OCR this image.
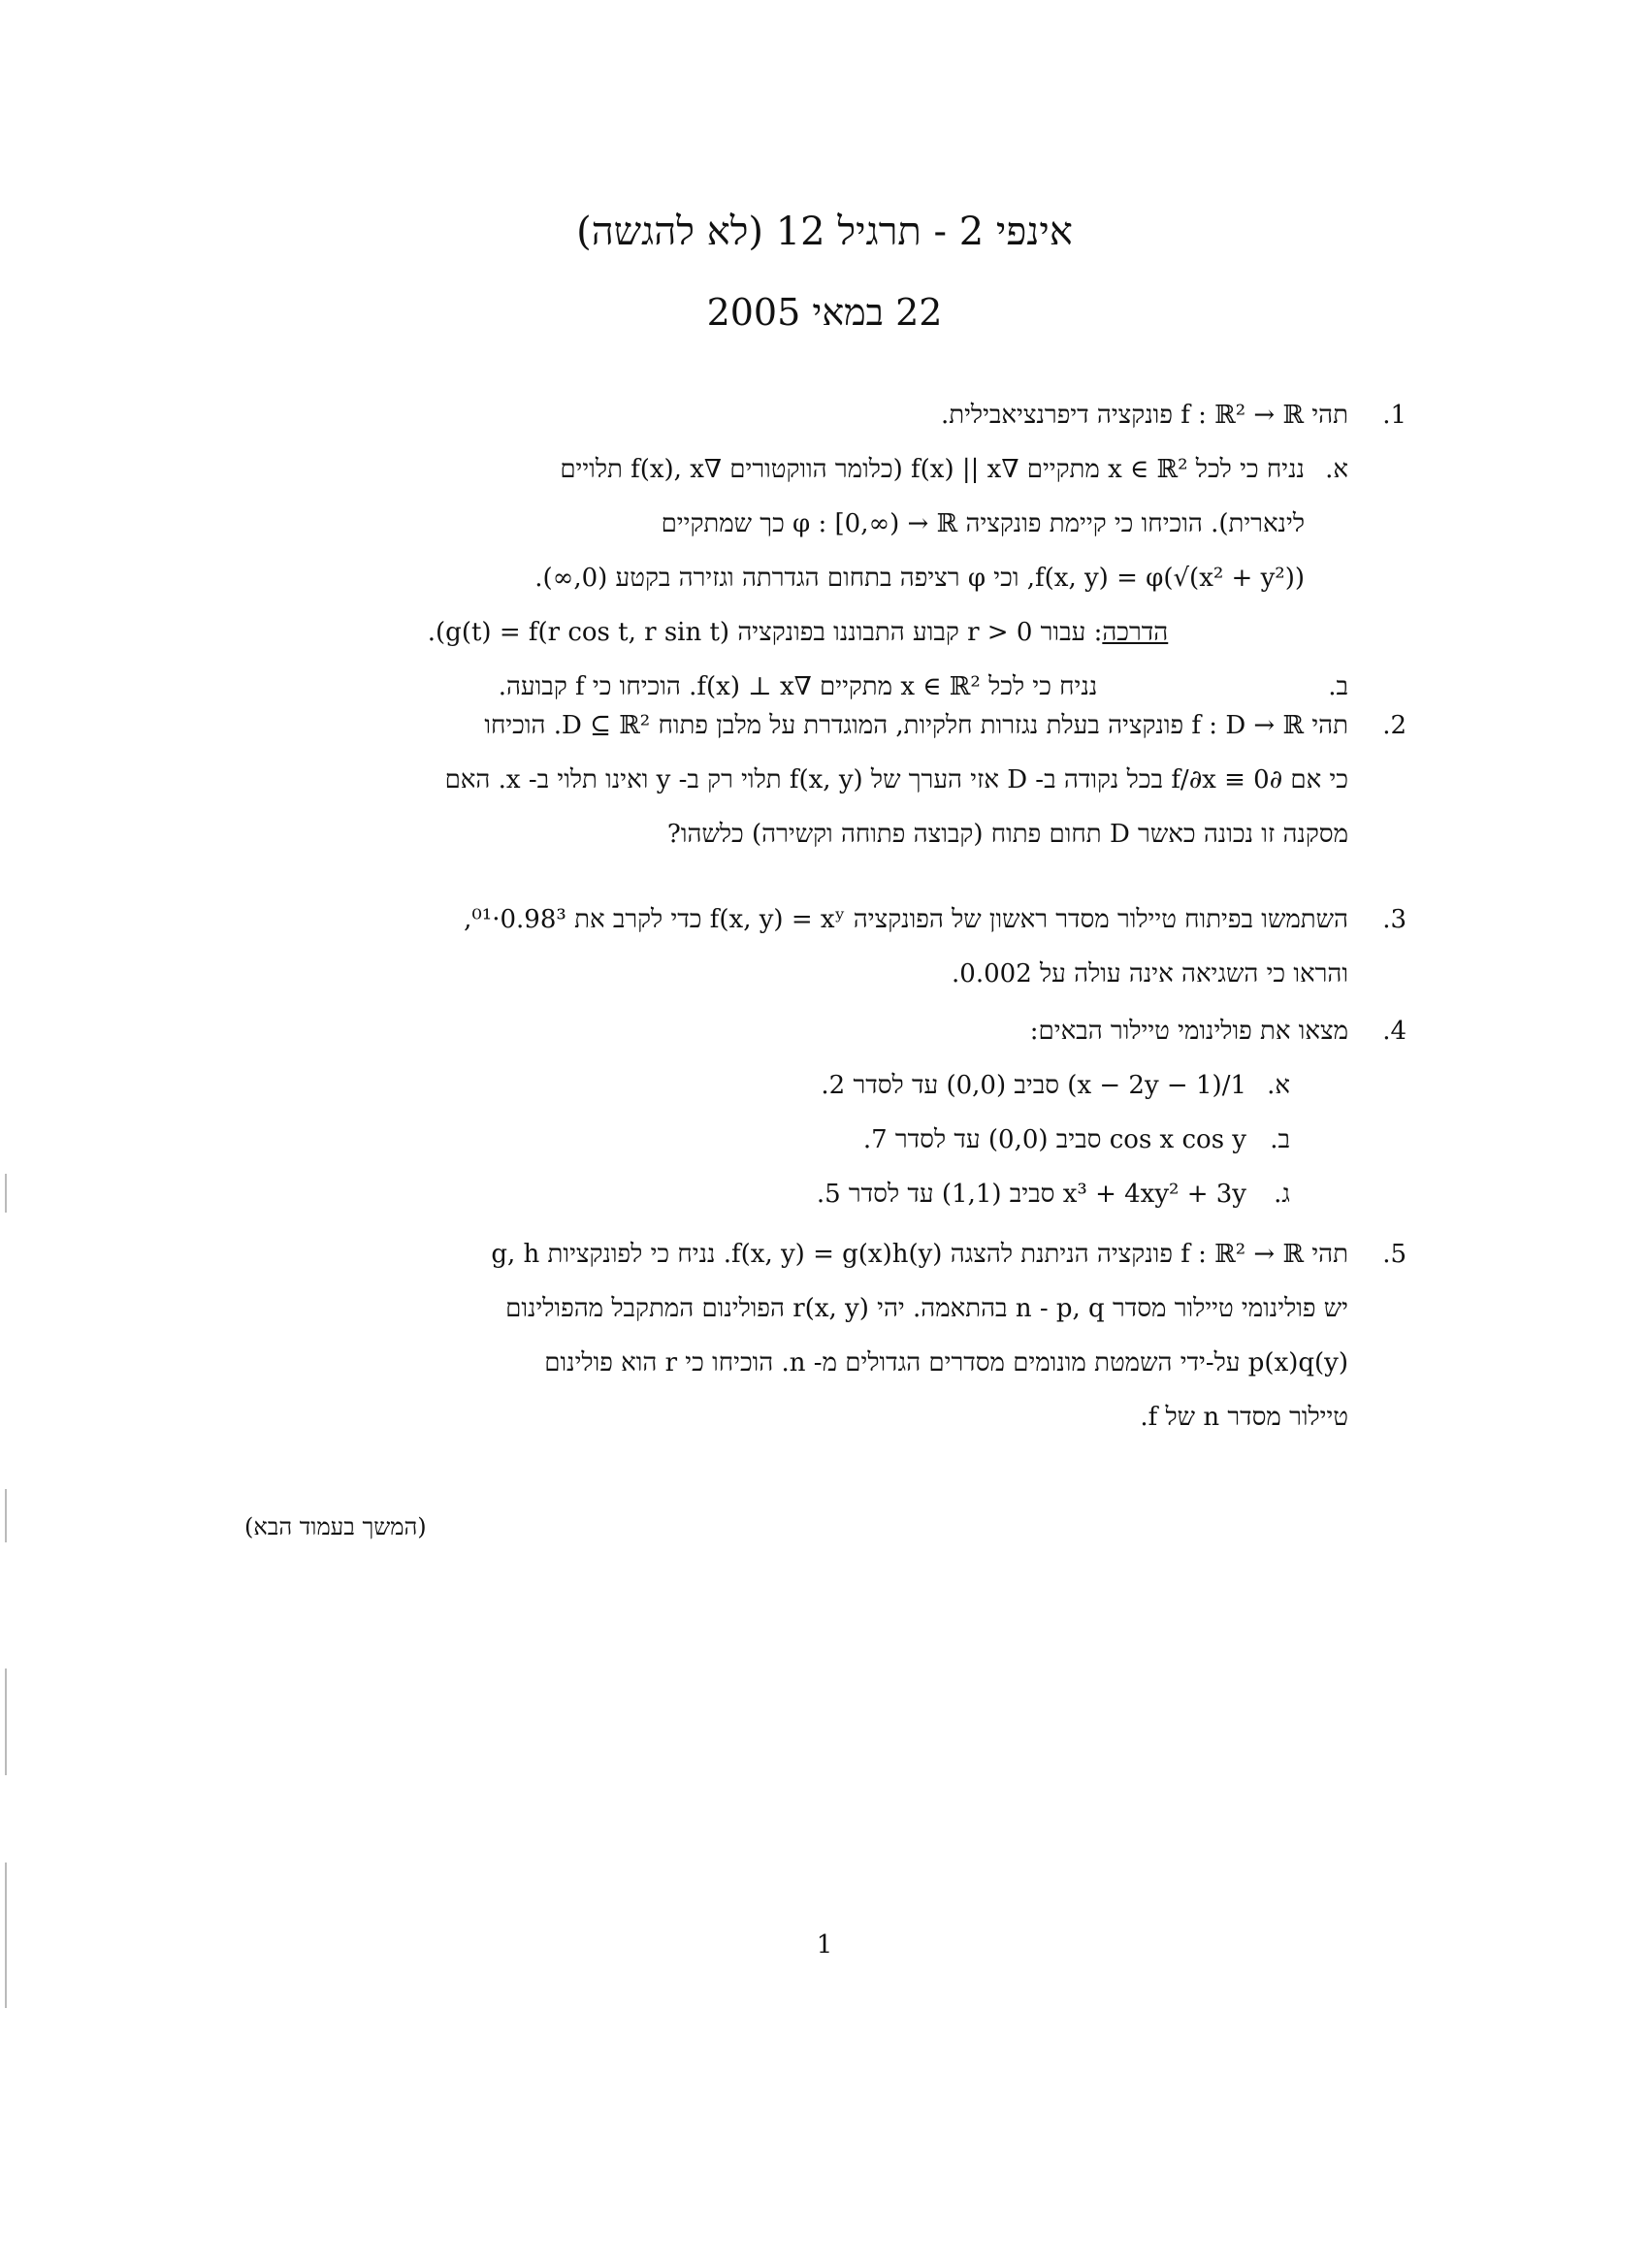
אינפי 2 - תרגיל 12 (לא להגשה)
22 במאי 2005
1.
תהי f : ℝ² → ℝ פונקציה דיפרנציאבילית.
א.
נניח כי לכל x ∈ ℝ² מתקיים ∇f(x) || x (כלומר הווקטורים ∇f(x), x תלויים
לינארית). הוכיחו כי קיימת פונקציה φ : [0,∞) → ℝ כך שמתקיים
f(x, y) = φ(√(x² + y²)), וכי φ רציפה בתחום הגדרתה וגזירה בקטע (0,∞).
הדרכה: עבור r > 0 קבוע התבוננו בפונקציה g(t) = f(r cos t, r sin t)).
ב.
נניח כי לכל x ∈ ℝ² מתקיים ∇f(x) ⊥ x. הוכיחו כי f קבועה.
2.
תהי f : D → ℝ פונקציה בעלת נגזרות חלקיות, המוגדרת על מלבן פתוח D ⊆ ℝ². הוכיחו
כי אם ∂f/∂x ≡ 0 בכל נקודה ב- D אזי הערך של f(x, y) תלוי רק ב- y ואינו תלוי ב- x. האם
מסקנה זו נכונה כאשר D תחום פתוח (קבוצה פתוחה וקשירה) כלשהו?
3.
השתמשו בפיתוח טיילור מסדר ראשון של הפונקציה f(x, y) = xʸ כדי לקרב את 0.98³·⁰¹,
והראו כי השגיאה אינה עולה על 0.002.
4.
מצאו את פולינומי טיילור הבאים:
א.
1/(1 − x − 2y) סביב (0,0) עד לסדר 2.
ב.
cos x cos y סביב (0,0) עד לסדר 7.
ג.
x³ + 4xy² + 3y סביב (1,1) עד לסדר 5.
5.
תהי f : ℝ² → ℝ פונקציה הניתנת להצגה f(x, y) = g(x)h(y). נניח כי לפונקציות g, h
יש פולינומי טיילור מסדר n - p, q בהתאמה. יהי r(x, y) הפולינום המתקבל מהפולינום
p(x)q(y) על-ידי השמטת מונומים מסדרים הגדולים מ- n. הוכיחו כי r הוא פולינום
טיילור מסדר n של f.
(המשך בעמוד הבא)
1
